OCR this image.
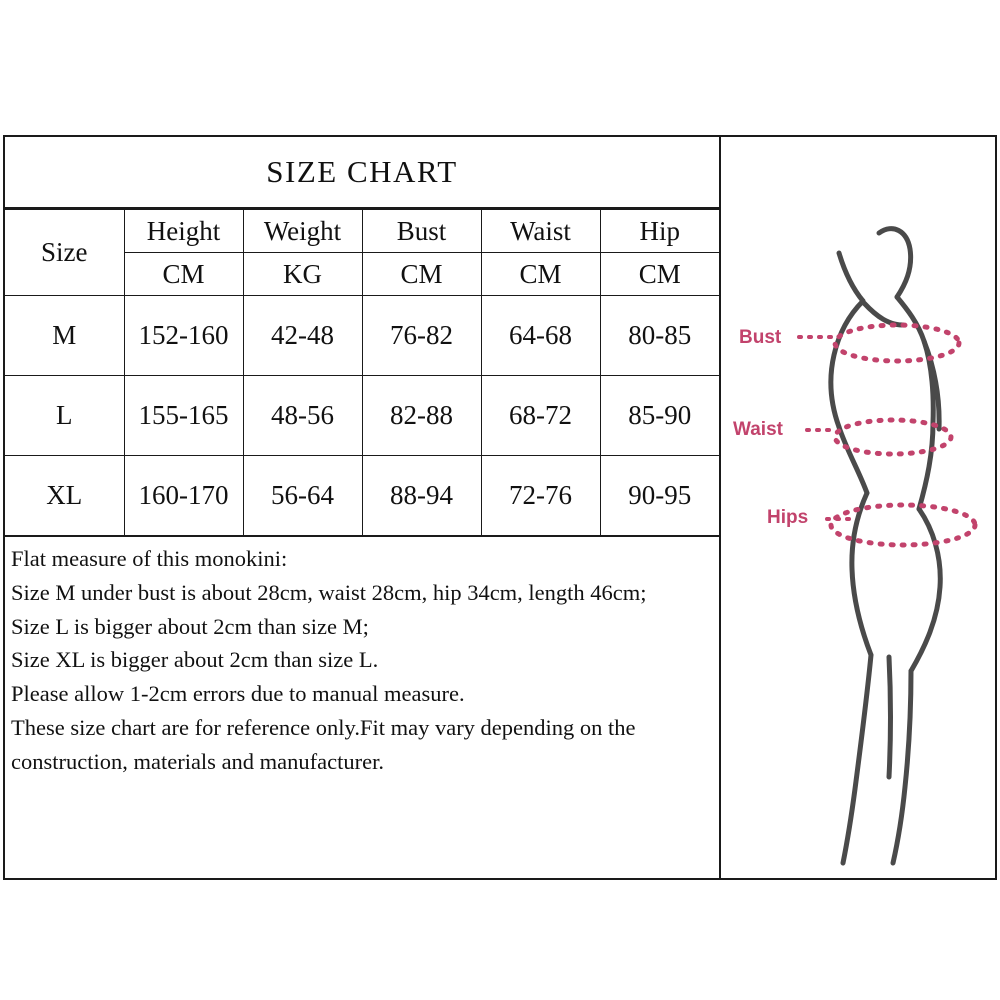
SIZE CHART
Size	Height	Weight	Bust	Waist	Hip
	CM	KG	CM	CM	CM
M	152-160	42-48	76-82	64-68	80-85
L	155-165	48-56	82-88	68-72	85-90
XL	160-170	56-64	88-94	72-76	90-95

Flat measure of this monokini:

Size M under bust is about 28cm, waist 28cm, hip 34cm, length 46cm;

Size L is bigger about 2cm than size M;

Size XL is bigger about 2cm than size L.

Please allow 1-2cm errors due to manual measure.

These size chart are for reference only.Fit may vary depending on the

construction, materials and manufacturer.

Bust
Waist
Hips
